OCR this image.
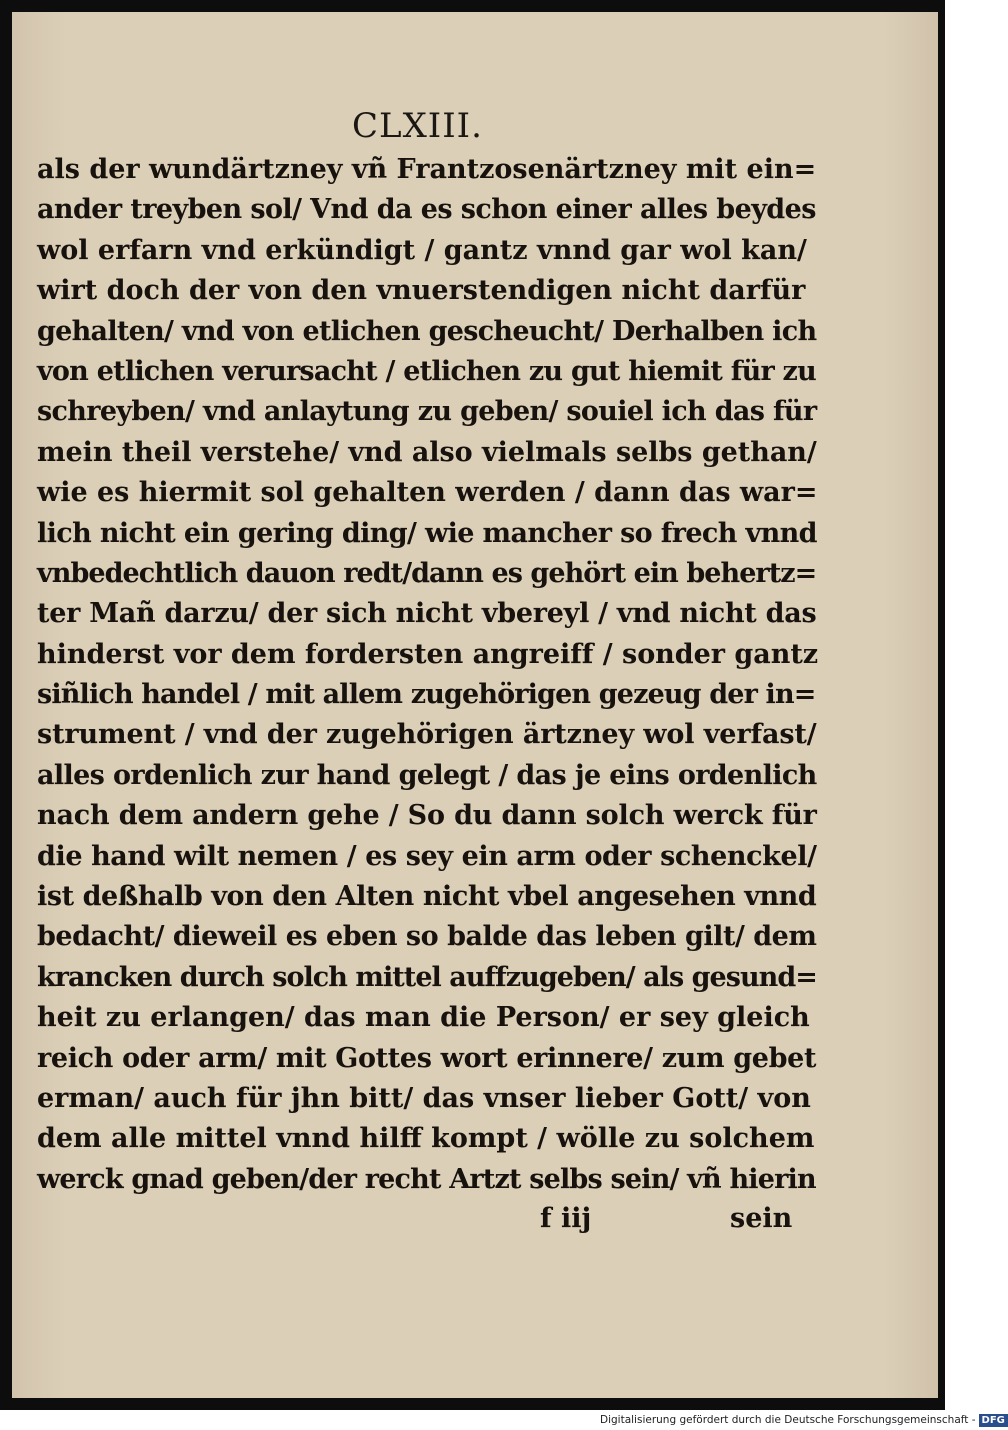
CLXIII.
als der wundärtzney vñ Frantzosenärtzney mit ein=
ander treyben sol/ Vnd da es schon einer alles beydes
wol erfarn vnd erkündigt / gantz vnnd gar wol kan/
wirt doch der von den vnuerstendigen nicht darfür
gehalten/ vnd von etlichen gescheucht/ Derhalben ich
von etlichen verursacht / etlichen zu gut hiemit für zu
schreyben/ vnd anlaytung zu geben/ souiel ich das für
mein theil verstehe/ vnd also vielmals selbs gethan/
wie es hiermit sol gehalten werden / dann das war=
lich nicht ein gering ding/ wie mancher so frech vnnd
vnbedechtlich dauon redt/dann es gehört ein behertz=
ter Mañ darzu/ der sich nicht vbereyl / vnd nicht das
hinderst vor dem fordersten angreiff / sonder gantz
siñlich handel / mit allem zugehörigen gezeug der in=
strument / vnd der zugehörigen ärtzney wol verfast/
alles ordenlich zur hand gelegt / das je eins ordenlich
nach dem andern gehe / So du dann solch werck für
die hand wilt nemen / es sey ein arm oder schenckel/
ist deßhalb von den Alten nicht vbel angesehen vnnd
bedacht/ dieweil es eben so balde das leben gilt/ dem
krancken durch solch mittel auffzugeben/ als gesund=
heit zu erlangen/ das man die Person/ er sey gleich
reich oder arm/ mit Gottes wort erinnere/ zum gebet
erman/ auch für jhn bitt/ das vnser lieber Gott/ von
dem alle mittel vnnd hilff kompt / wölle zu solchem
werck gnad geben/der recht Artzt selbs sein/ vñ hierin
f iij	sein
Digitalisierung gefördert durch die Deutsche Forschungsgemeinschaft - DFG
